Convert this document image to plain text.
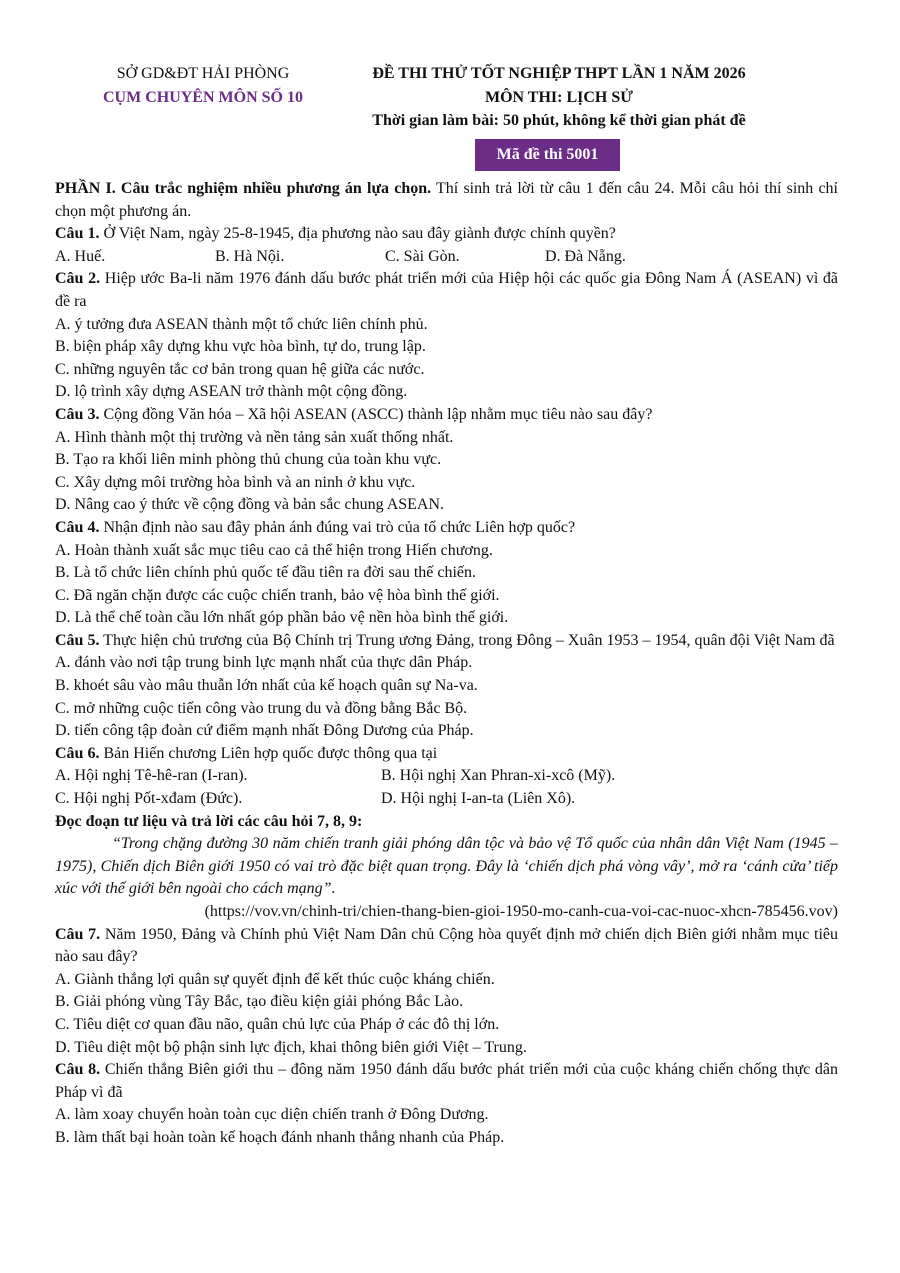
SỞ GD&ĐT HẢI PHÒNG
CỤM CHUYÊN MÔN SỐ 10
ĐỀ THI THỬ TỐT NGHIỆP THPT LẦN 1 NĂM 2026
MÔN THI: LỊCH SỬ
Thời gian làm bài: 50 phút, không kể thời gian phát đề
Mã đề thi 5001

PHẦN I. Câu trắc nghiệm nhiều phương án lựa chọn. Thí sinh trả lời từ câu 1 đến câu 24. Mỗi câu hỏi thí sinh chỉ chọn một phương án.

Câu 1. Ở Việt Nam, ngày 25-8-1945, địa phương nào sau đây giành được chính quyền?

A. Huế.	B. Hà Nội.	C. Sài Gòn.	D. Đà Nẵng.

Câu 2. Hiệp ước Ba-li năm 1976 đánh dấu bước phát triển mới của Hiệp hội các quốc gia Đông Nam Á (ASEAN) vì đã đề ra

A. ý tưởng đưa ASEAN thành một tổ chức liên chính phủ.

B. biện pháp xây dựng khu vực hòa bình, tự do, trung lập.

C. những nguyên tắc cơ bản trong quan hệ giữa các nước.

D. lộ trình xây dựng ASEAN trở thành một cộng đồng.

Câu 3. Cộng đồng Văn hóa – Xã hội ASEAN (ASCC) thành lập nhằm mục tiêu nào sau đây?

A. Hình thành một thị trường và nền tảng sản xuất thống nhất.

B. Tạo ra khối liên minh phòng thủ chung của toàn khu vực.

C. Xây dựng môi trường hòa bình và an ninh ở khu vực.

D. Nâng cao ý thức về cộng đồng và bản sắc chung ASEAN.

Câu 4. Nhận định nào sau đây phản ánh đúng vai trò của tổ chức Liên hợp quốc?

A. Hoàn thành xuất sắc mục tiêu cao cả thể hiện trong Hiến chương.

B. Là tổ chức liên chính phủ quốc tế đầu tiên ra đời sau thế chiến.

C. Đã ngăn chặn được các cuộc chiến tranh, bảo vệ hòa bình thế giới.

D. Là thể chế toàn cầu lớn nhất góp phần bảo vệ nền hòa bình thế giới.

Câu 5. Thực hiện chủ trương của Bộ Chính trị Trung ương Đảng, trong Đông – Xuân 1953 – 1954, quân đội Việt Nam đã

A. đánh vào nơi tập trung binh lực mạnh nhất của thực dân Pháp.

B. khoét sâu vào mâu thuẫn lớn nhất của kế hoạch quân sự Na-va.

C. mở những cuộc tiến công vào trung du và đồng bằng Bắc Bộ.

D. tiến công tập đoàn cứ điểm mạnh nhất Đông Dương của Pháp.

Câu 6. Bản Hiến chương Liên hợp quốc được thông qua tại

A. Hội nghị Tê-hê-ran (I-ran).	B. Hội nghị Xan Phran-xi-xcô (Mỹ).
C. Hội nghị Pốt-xđam (Đức).	D. Hội nghị I-an-ta (Liên Xô).

Đọc đoạn tư liệu và trả lời các câu hỏi 7, 8, 9:

“Trong chặng đường 30 năm chiến tranh giải phóng dân tộc và bảo vệ Tổ quốc của nhân dân Việt Nam (1945 – 1975), Chiến dịch Biên giới 1950 có vai trò đặc biệt quan trọng. Đây là ‘chiến dịch phá vòng vây’, mở ra ‘cánh cửa’ tiếp xúc với thế giới bên ngoài cho cách mạng”.

(https://vov.vn/chinh-tri/chien-thang-bien-gioi-1950-mo-canh-cua-voi-cac-nuoc-xhcn-785456.vov)

Câu 7. Năm 1950, Đảng và Chính phủ Việt Nam Dân chủ Cộng hòa quyết định mở chiến dịch Biên giới nhằm mục tiêu nào sau đây?

A. Giành thắng lợi quân sự quyết định để kết thúc cuộc kháng chiến.

B. Giải phóng vùng Tây Bắc, tạo điều kiện giải phóng Bắc Lào.

C. Tiêu diệt cơ quan đầu não, quân chủ lực của Pháp ở các đô thị lớn.

D. Tiêu diệt một bộ phận sinh lực địch, khai thông biên giới Việt – Trung.

Câu 8. Chiến thắng Biên giới thu – đông năm 1950 đánh dấu bước phát triển mới của cuộc kháng chiến chống thực dân Pháp vì đã

A. làm xoay chuyển hoàn toàn cục diện chiến tranh ở Đông Dương.

B. làm thất bại hoàn toàn kế hoạch đánh nhanh thắng nhanh của Pháp.
